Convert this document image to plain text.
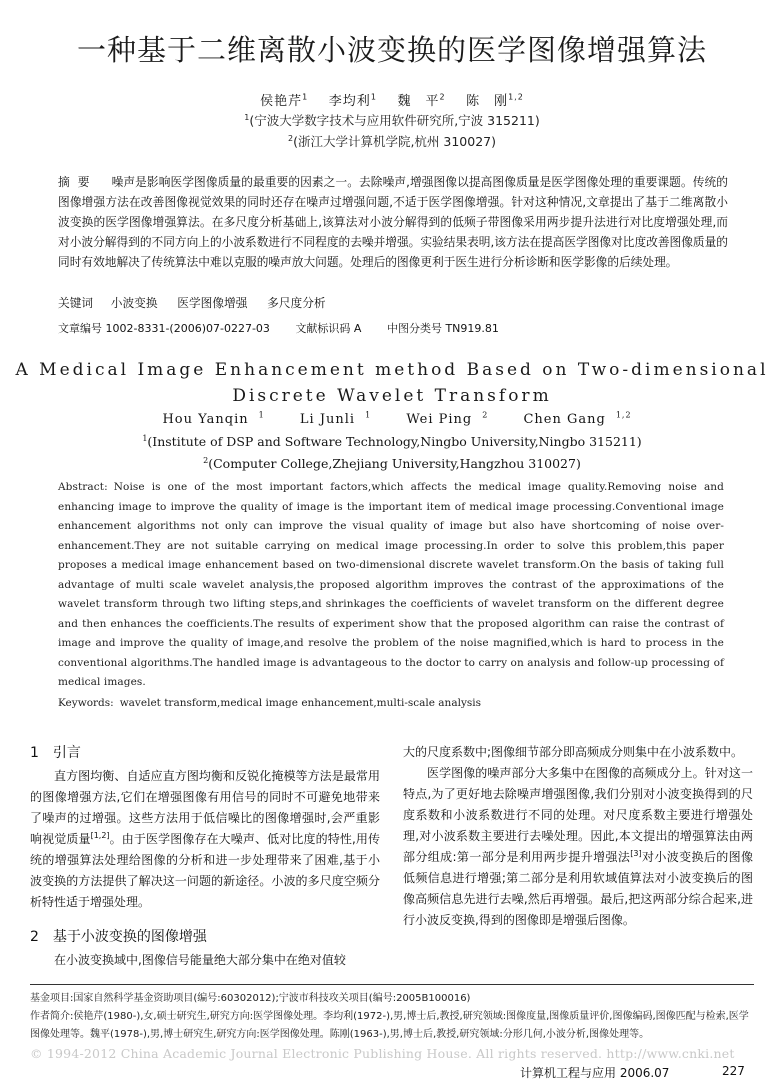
一种基于二维离散小波变换的医学图像增强算法
侯艳芹$^1$ 李均利$^1$ 魏　平$^2$ 陈　刚$^{1,2}$
$^1$(宁波大学数字技术与应用软件研究所,宁波 315211)
$^2$(浙江大学计算机学院,杭州 310027)
摘要 噪声是影响医学图像质量的最重要的因素之一。去除噪声,增强图像以提高图像质量是医学图像处理的重要课题。传统的图像增强方法在改善图像视觉效果的同时还存在噪声过增强问题,不适于医学图像增强。针对这种情况,文章提出了基于二维离散小波变换的医学图像增强算法。在多尺度分析基础上,该算法对小波分解得到的低频子带图像采用两步提升法进行对比度增强处理,而对小波分解得到的不同方向上的小波系数进行不同程度的去噪并增强。实验结果表明,该方法在提高医学图像对比度改善图像质量的同时有效地解决了传统算法中难以克服的噪声放大问题。处理后的图像更利于医生进行分析诊断和医学影像的后续处理。
关键词 小波变换 医学图像增强 多尺度分析
文章编号 1002-8331-(2006)07-0227-03 文献标识码 A 中图分类号 TN919.81
A Medical Image Enhancement method Based on Two-dimensional
Discrete Wavelet Transform
Hou Yanqin $^1$	Li Junli $^1$	Wei Ping $^2$	Chen Gang $^{1,2}$
$^1$(Institute of DSP and Software Technology,Ningbo University,Ningbo 315211)
$^2$(Computer College,Zhejiang University,Hangzhou 310027)
Abstract: Noise is one of the most important factors,which affects the medical image quality.Removing noise and enhancing image to improve the quality of image is the important item of medical image processing.Conventional image enhancement algorithms not only can improve the visual quality of image but also have shortcoming of noise over-enhancement.They are not suitable carrying on medical image processing.In order to solve this problem,this paper proposes a medical image enhancement based on two-dimensional discrete wavelet transform.On the basis of taking full advantage of multi scale wavelet analysis,the proposed algorithm improves the contrast of the approximations of the wavelet transform through two lifting steps,and shrinkages the coefficients of wavelet transform on the different degree and then enhances the coefficients.The results of experiment show that the proposed algorithm can raise the contrast of image and improve the quality of image,and resolve the problem of the noise magnified,which is hard to process in the conventional algorithms.The handled image is advantageous to the doctor to carry on analysis and follow-up processing of medical images.
Keywords: wavelet transform,medical image enhancement,multi-scale analysis
1 引言

直方图均衡、自适应直方图均衡和反锐化掩模等方法是最常用的图像增强方法,它们在增强图像有用信号的同时不可避免地带来了噪声的过增强。这些方法用于低信噪比的图像增强时,会严重影响视觉质量[1,2]。由于医学图像存在大噪声、低对比度的特性,用传统的增强算法处理给图像的分析和进一步处理带来了困难,基于小波变换的方法提供了解决这一问题的新途径。小波的多尺度空频分析特性适于增强处理。

2 基于小波变换的图像增强

在小波变换域中,图像信号能量绝大部分集中在绝对值较

大的尺度系数中;图像细节部分即高频成分则集中在小波系数中。

医学图像的噪声部分大多集中在图像的高频成分上。针对这一特点,为了更好地去除噪声增强图像,我们分别对小波变换得到的尺度系数和小波系数进行不同的处理。对尺度系数主要进行增强处理,对小波系数主要进行去噪处理。因此,本文提出的增强算法由两部分组成:第一部分是利用两步提升增强法[3]对小波变换后的图像低频信息进行增强;第二部分是利用软域值算法对小波变换后的图像高频信息先进行去噪,然后再增强。最后,把这两部分综合起来,进行小波反变换,得到的图像即是增强后图像。

基金项目:国家自然科学基金资助项目(编号:60302012);宁波市科技攻关项目(编号:2005B100016)
作者简介:侯艳芹(1980-),女,硕士研究生,研究方向:医学图像处理。李均利(1972-),男,博士后,教授,研究领域:图像度量,图像质量评价,图像编码,图像匹配与检索,医学图像处理等。魏平(1978-),男,博士研究生,研究方向:医学图像处理。陈刚(1963-),男,博士后,教授,研究领域:分形几何,小波分析,图像处理等。
© 1994-2012 China Academic Journal Electronic Publishing House. All rights reserved. http://www.cnki.net
计算机工程与应用 2006.07	227
